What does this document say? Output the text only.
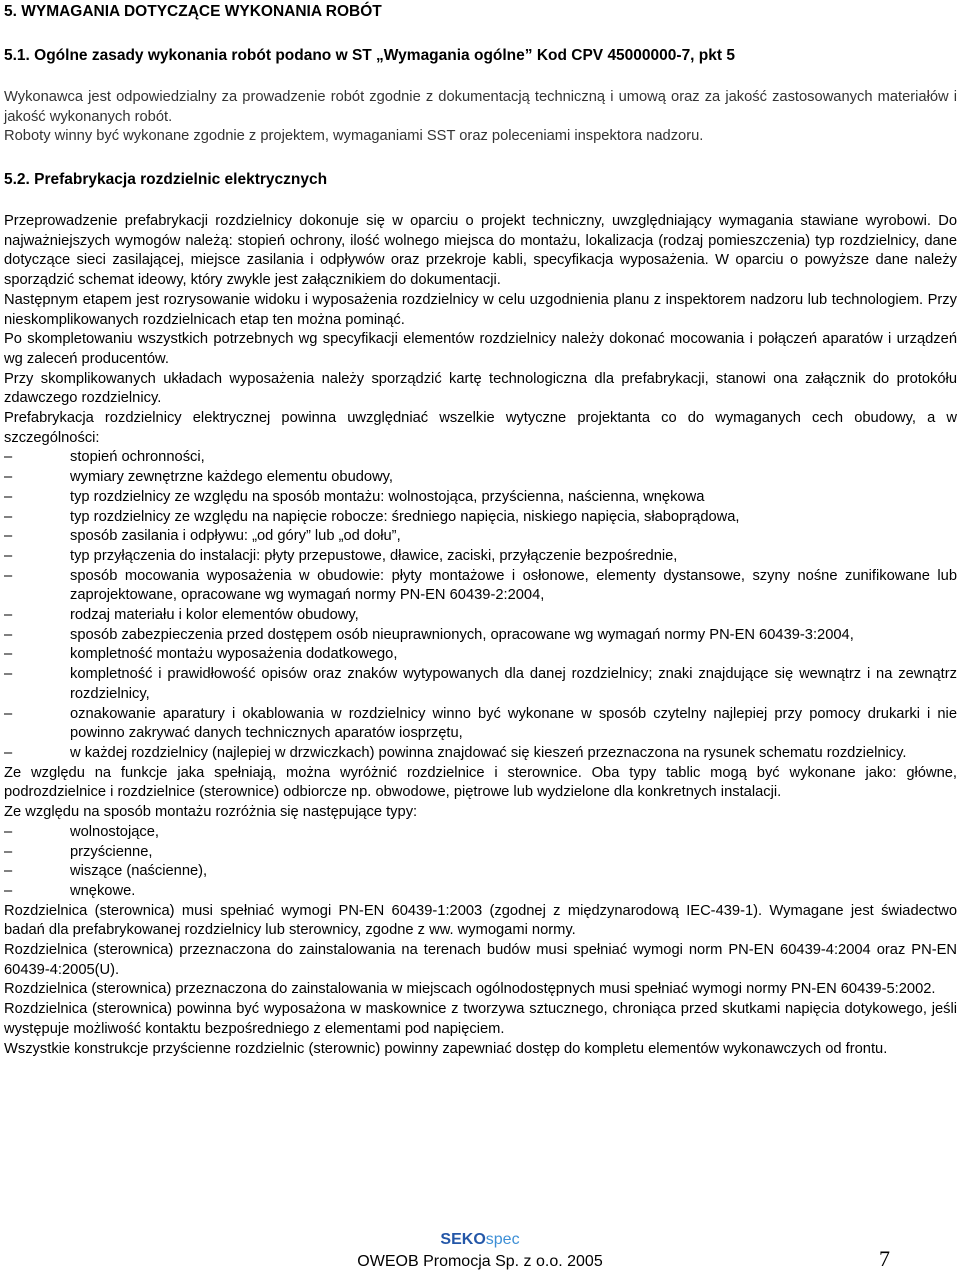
5. WYMAGANIA DOTYCZĄCE WYKONANIA ROBÓT
5.1. Ogólne zasady wykonania robót podano w ST „Wymagania ogólne” Kod CPV 45000000-7, pkt 5

Wykonawca jest odpowiedzialny za prowadzenie robót zgodnie z dokumentacją techniczną i umową oraz za jakość zastosowanych materiałów i jakość wykonanych robót.

Roboty winny być wykonane zgodnie z projektem, wymaganiami SST oraz poleceniami inspektora nadzoru.

5.2. Prefabrykacja rozdzielnic elektrycznych

Przeprowadzenie prefabrykacji rozdzielnicy dokonuje się w oparciu o projekt techniczny, uwzględniający wymagania stawiane wyrobowi. Do najważniejszych wymogów należą: stopień ochrony, ilość wolnego miejsca do montażu, lokalizacja (rodzaj pomieszczenia) typ rozdzielnicy, dane dotyczące sieci zasilającej, miejsce zasilania i odpływów oraz przekroje kabli, specyfikacja wyposażenia. W oparciu o powyższe dane należy sporządzić schemat ideowy, który zwykle jest załącznikiem do dokumentacji.

Następnym etapem jest rozrysowanie widoku i wyposażenia rozdzielnicy w celu uzgodnienia planu z inspektorem nadzoru lub technologiem. Przy nieskomplikowanych rozdzielnicach etap ten można pominąć.

Po skompletowaniu wszystkich potrzebnych wg specyfikacji elementów rozdzielnicy należy dokonać mocowania i połączeń aparatów i urządzeń wg zaleceń producentów.

Przy skomplikowanych układach wyposażenia należy sporządzić kartę technologiczna dla prefabrykacji, stanowi ona załącznik do protokółu zdawczego rozdzielnicy.

Prefabrykacja rozdzielnicy elektrycznej powinna uwzględniać wszelkie wytyczne projektanta co do wymaganych cech obudowy, a w szczególności:

–	stopień ochronności,
–	wymiary zewnętrzne każdego elementu obudowy,
–	typ rozdzielnicy ze względu na sposób montażu: wolnostojąca, przyścienna, naścienna, wnękowa
–	typ rozdzielnicy ze względu na napięcie robocze: średniego napięcia, niskiego napięcia, słaboprądowa,
–	sposób zasilania i odpływu: „od góry” lub „od dołu”,
–	typ przyłączenia do instalacji: płyty przepustowe, dławice, zaciski, przyłączenie bezpośrednie,
–	sposób mocowania wyposażenia w obudowie: płyty montażowe i osłonowe, elementy dystansowe, szyny nośne zunifikowane lub zaprojektowane, opracowane wg wymagań normy PN-EN 60439-2:2004,
–	rodzaj materiału i kolor elementów obudowy,
–	sposób zabezpieczenia przed dostępem osób nieuprawnionych, opracowane wg wymagań normy PN-EN 60439-3:2004,
–	kompletność montażu wyposażenia dodatkowego,
–	kompletność i prawidłowość opisów oraz znaków wytypowanych dla danej rozdzielnicy; znaki znajdujące się wewnątrz i na zewnątrz rozdzielnicy,
–	oznakowanie aparatury i okablowania w rozdzielnicy winno być wykonane w sposób czytelny najlepiej przy pomocy drukarki i nie powinno zakrywać danych technicznych aparatów iosprzętu,
–	w każdej rozdzielnicy (najlepiej w drzwiczkach) powinna znajdować się kieszeń przeznaczona na rysunek schematu rozdzielnicy.

Ze względu na funkcje jaka spełniają, można wyróżnić rozdzielnice i sterownice. Oba typy tablic mogą być wykonane jako: główne, podrozdzielnice i rozdzielnice (sterownice) odbiorcze np. obwodowe, piętrowe lub wydzielone dla konkretnych instalacji.

Ze względu na sposób montażu rozróżnia się następujące typy:

–	wolnostojące,
–	przyścienne,
–	wiszące (naścienne),
–	wnękowe.

Rozdzielnica (sterownica) musi spełniać wymogi PN-EN 60439-1:2003 (zgodnej z międzynarodową IEC-439-1). Wymagane jest świadectwo badań dla prefabrykowanej rozdzielnicy lub sterownicy, zgodne z ww. wymogami normy.

Rozdzielnica (sterownica) przeznaczona do zainstalowania na terenach budów musi spełniać wymogi norm PN-EN 60439-4:2004 oraz PN-EN 60439-4:2005(U).

Rozdzielnica (sterownica) przeznaczona do zainstalowania w miejscach ogólnodostępnych musi spełniać wymogi normy PN-EN 60439-5:2002.

Rozdzielnica (sterownica) powinna być wyposażona w maskownice z tworzywa sztucznego, chroniąca przed skutkami napięcia dotykowego, jeśli występuje możliwość kontaktu bezpośredniego z elementami pod napięciem.

Wszystkie konstrukcje przyścienne rozdzielnic (sterownic) powinny zapewniać dostęp do kompletu elementów wykonawczych od frontu.

SEKOspec
OWEOB Promocja Sp. z o.o. 2005	7
